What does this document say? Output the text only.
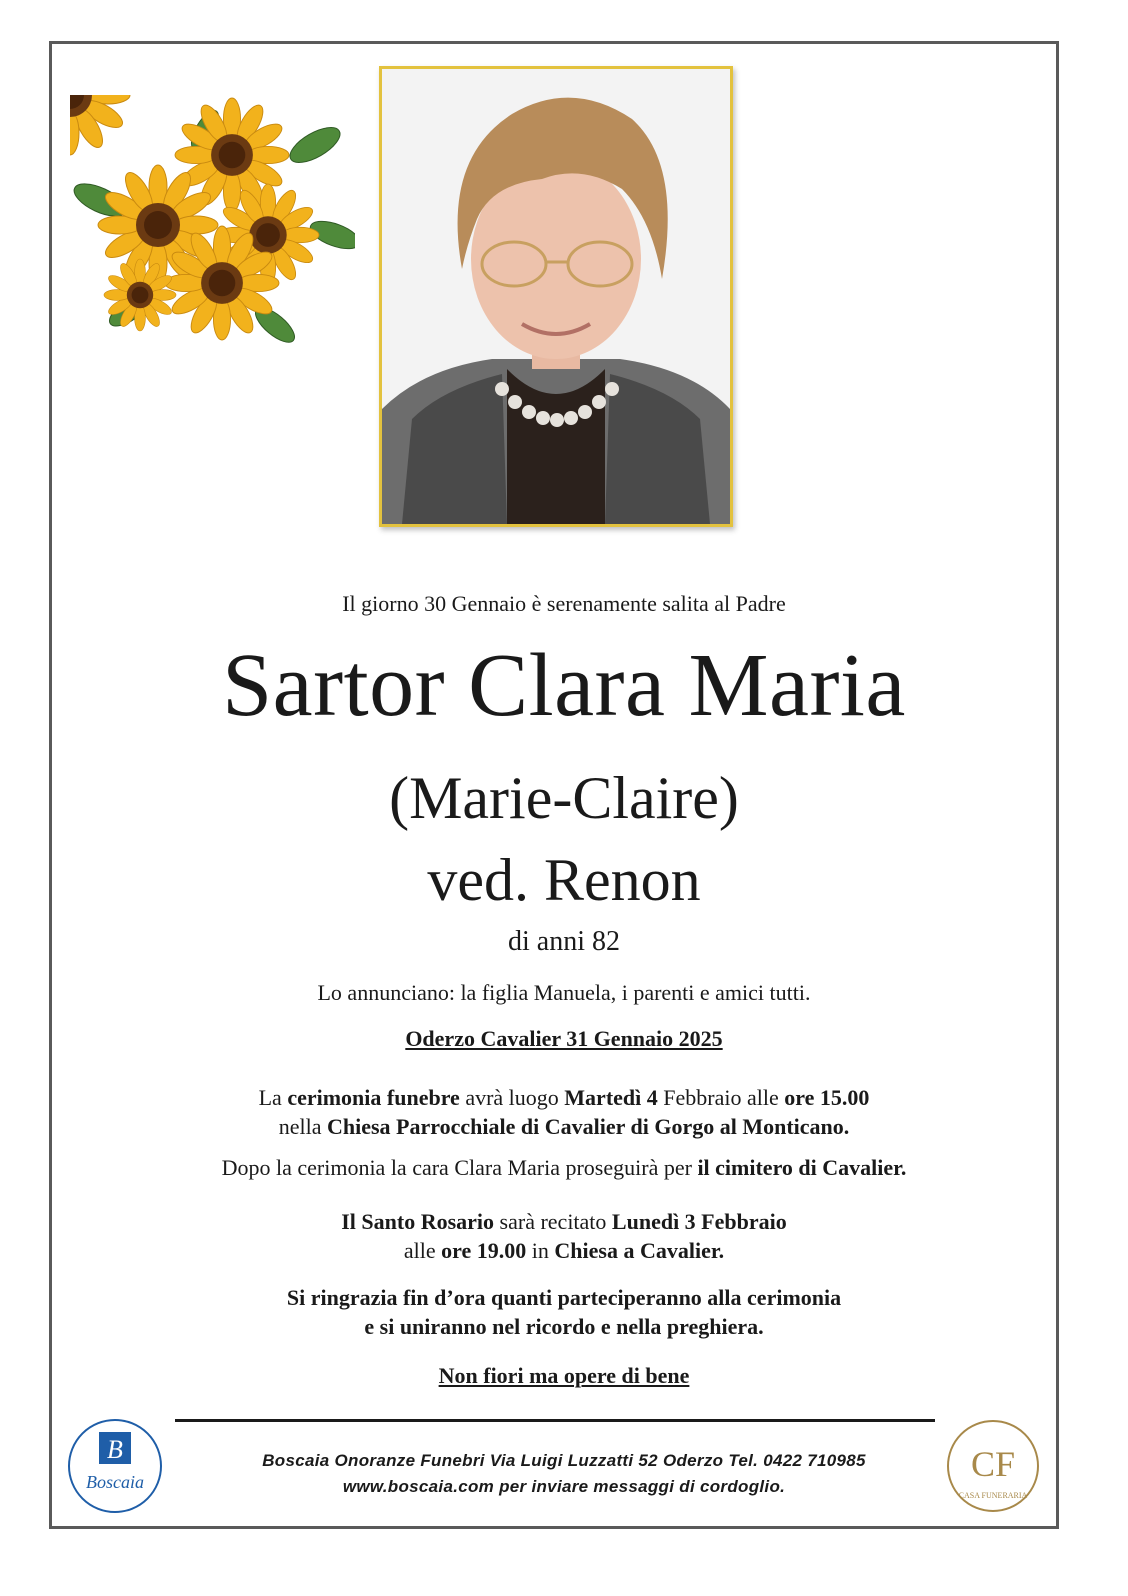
Il giorno 30 Gennaio è serenamente salita al Padre
Sartor Clara Maria
(Marie-Claire)
ved. Renon
di anni 82
Lo annunciano: la figlia Manuela, i parenti e amici tutti.
Oderzo Cavalier 31 Gennaio 2025
La cerimonia funebre avrà luogo Martedì 4 Febbraio alle ore 15.00
nella Chiesa Parrocchiale di Cavalier di Gorgo al Monticano.
Dopo la cerimonia la cara Clara Maria proseguirà per il cimitero di Cavalier.
Il Santo Rosario sarà recitato Lunedì 3 Febbraio
alle ore 19.00 in Chiesa a Cavalier.
Si ringrazia fin d’ora quanti parteciperanno alla cerimonia
e si uniranno nel ricordo e nella preghiera.
Non fiori ma opere di bene
B
Boscaia
Boscaia Onoranze Funebri Via Luigi Luzzatti 52 Oderzo Tel. 0422 710985
www.boscaia.com per inviare messaggi di cordoglio.
CF
CASA FUNERARIA
